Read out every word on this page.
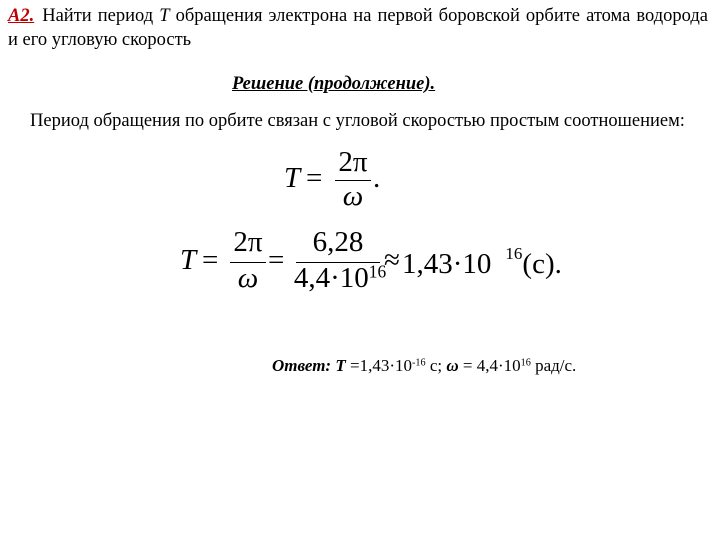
A2. Найти период T обращения электрона на первой боровской орбите атома водорода и его угловую скорость
Решение (продолжение).
Период обращения по орбите связан с угловой скоростью простым соотношением:
T = 2π
ω
.
T =
2π
ω
=
6,28
$4,4\cdot 10^{16}$
≈ 1,43·10 $^{16}$(c).
Ответ: $T =1,43\cdot 10^{-16}$ с; $\omega = 4,4\cdot 10^{16}$ рад/с.
